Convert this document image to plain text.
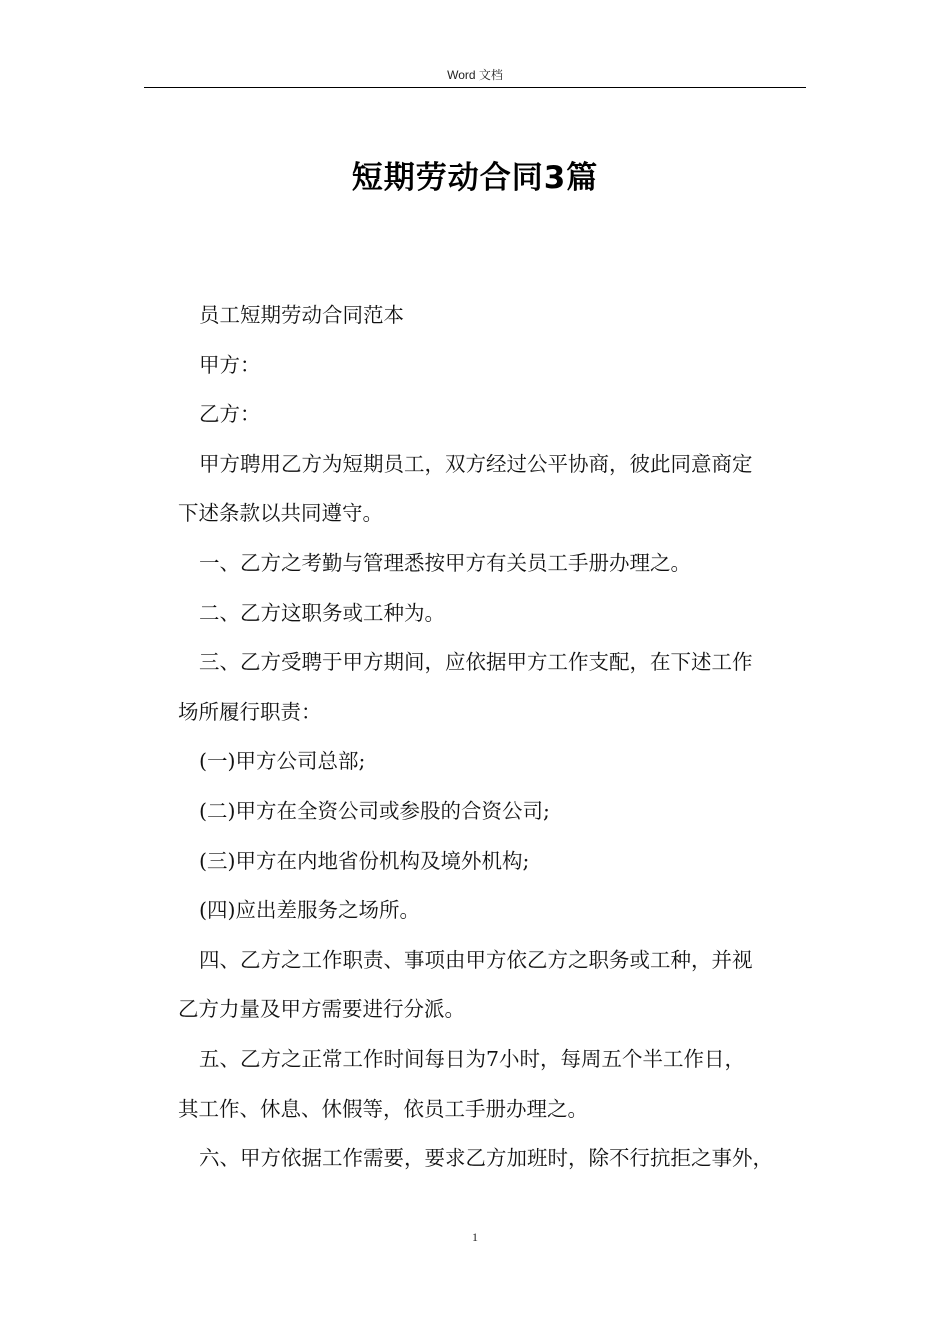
Word 文档
短期劳动合同3篇

员工短期劳动合同范本

甲方：

乙方：

甲方聘用乙方为短期员工，双方经过公平协商，彼此同意商定

下述条款以共同遵守。

一、乙方之考勤与管理悉按甲方有关员工手册办理之。

二、乙方这职务或工种为。

三、乙方受聘于甲方期间，应依据甲方工作支配，在下述工作

场所履行职责：

(一)甲方公司总部;

(二)甲方在全资公司或参股的合资公司;

(三)甲方在内地省份机构及境外机构;

(四)应出差服务之场所。

四、乙方之工作职责、事项由甲方依乙方之职务或工种，并视

乙方力量及甲方需要进行分派。

五、乙方之正常工作时间每日为7小时，每周五个半工作日，

其工作、休息、休假等，依员工手册办理之。

六、甲方依据工作需要，要求乙方加班时，除不行抗拒之事外，

1
